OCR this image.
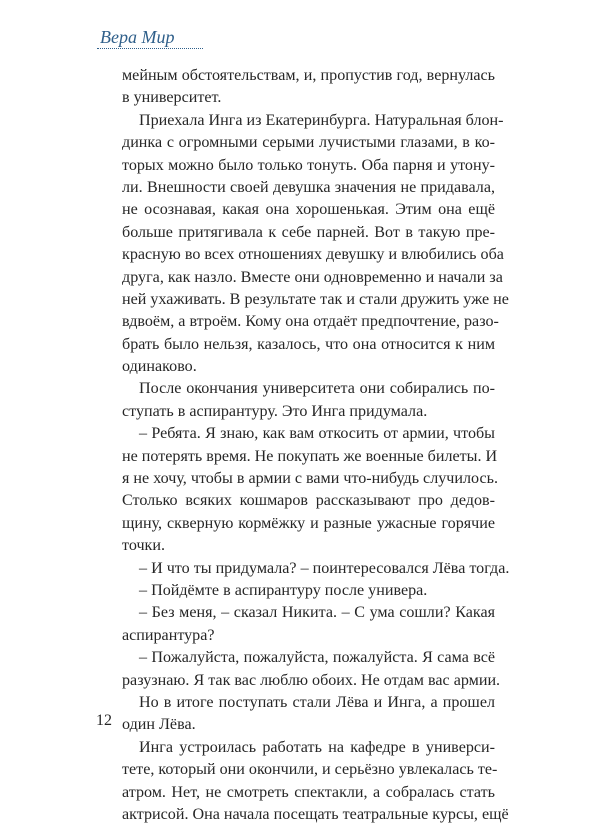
Вера Мир
мейным обстоятельствам, и, пропустив год, вернулась
в университет.
Приехала Инга из Екатеринбурга. Натуральная блон-
динка с огромными серыми лучистыми глазами, в ко-
торых можно было только тонуть. Оба парня и утону-
ли. Внешности своей девушка значения не придавала,
не осознавая, какая она хорошенькая. Этим она ещё
больше притягивала к себе парней. Вот в такую пре-
красную во всех отношениях девушку и влюбились оба
друга, как назло. Вместе они одновременно и начали за
ней ухаживать. В результате так и стали дружить уже не
вдвоём, а втроём. Кому она отдаёт предпочтение, разо-
брать было нельзя, казалось, что она относится к ним
одинаково.
После окончания университета они собирались по-
ступать в аспирантуру. Это Инга придумала.
– Ребята. Я знаю, как вам откосить от армии, чтобы
не потерять время. Не покупать же военные билеты. И
я не хочу, чтобы в армии с вами что-нибудь случилось.
Столько всяких кошмаров рассказывают про дедов-
щину, скверную кормёжку и разные ужасные горячие
точки.
– И что ты придумала? – поинтересовался Лёва тогда.
– Пойдёмте в аспирантуру после универа.
– Без меня, – сказал Никита. – С ума сошли? Какая
аспирантура?
– Пожалуйста, пожалуйста, пожалуйста. Я сама всё
разузнаю. Я так вас люблю обоих. Не отдам вас армии.
Но в итоге поступать стали Лёва и Инга, а прошел
один Лёва.
Инга устроилась работать на кафедре в универси-
тете, который они окончили, и серьёзно увлекалась те-
атром. Нет, не смотреть спектакли, а собралась стать
актрисой. Она начала посещать театральные курсы, ещё
12
